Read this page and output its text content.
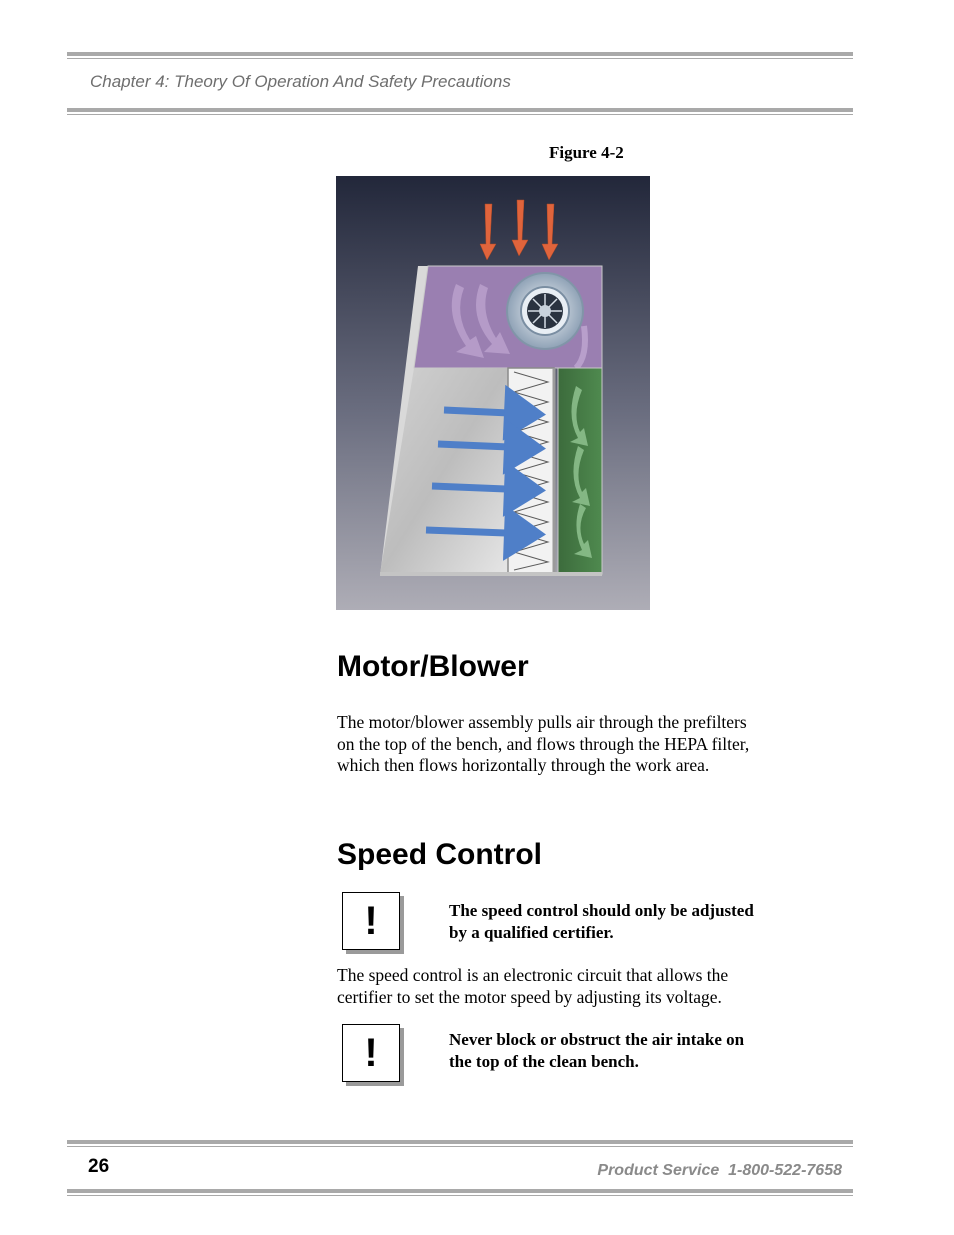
Chapter 4: Theory Of Operation And Safety Precautions
Figure 4-2
Motor/Blower

The motor/blower assembly pulls air through the prefilters on the top of the bench, and flows through the HEPA filter, which then flows horizontally through the work area.

Speed Control
!	The speed control should only be adjusted by a qualified certifier.

The speed control is an electronic circuit that allows the certifier to set the motor speed by adjusting its voltage.

!	Never block or obstruct the air intake on the top of the clean bench.

26	Product Service  1-800-522-7658
